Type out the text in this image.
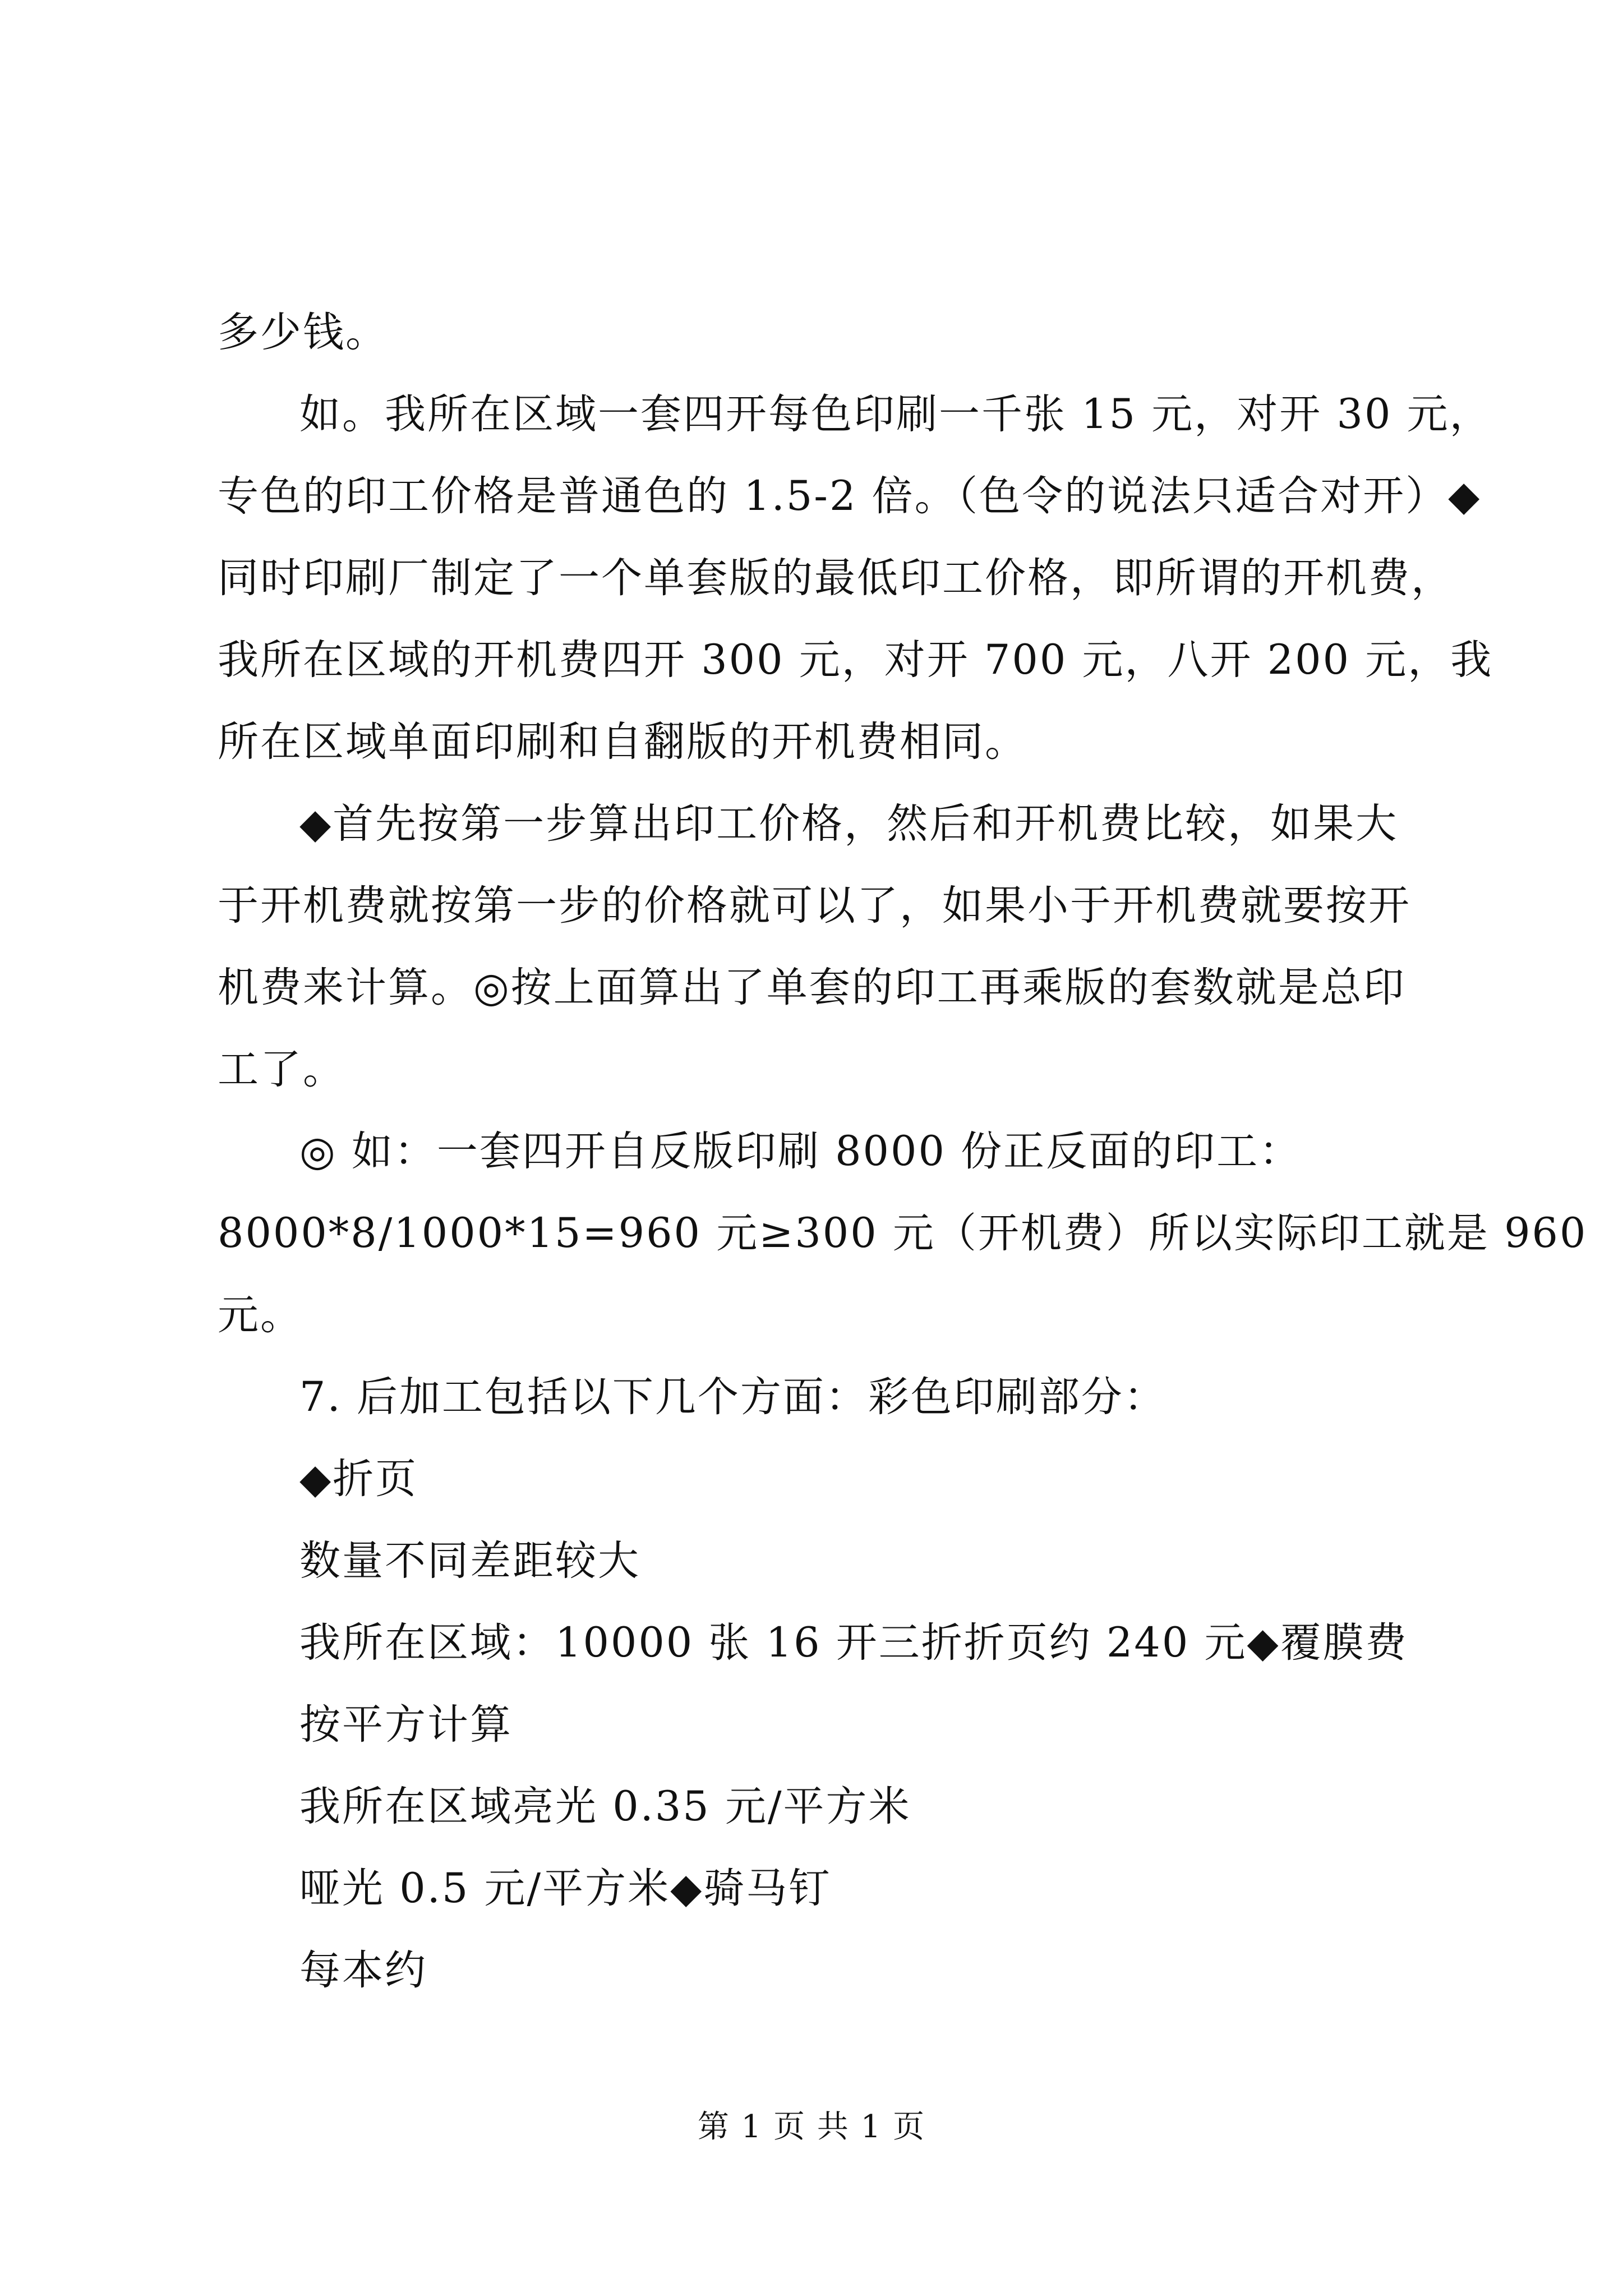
多少钱。
如。我所在区域一套四开每色印刷一千张 15 元，对开 30 元，
专色的印工价格是普通色的 1.5-2 倍。（色令的说法只适合对开）◆
同时印刷厂制定了一个单套版的最低印工价格，即所谓的开机费，
我所在区域的开机费四开 300 元，对开 700 元，八开 200 元，我
所在区域单面印刷和自翻版的开机费相同。
◆首先按第一步算出印工价格，然后和开机费比较，如果大
于开机费就按第一步的价格就可以了，如果小于开机费就要按开
机费来计算。◎按上面算出了单套的印工再乘版的套数就是总印
工了。
◎ 如：一套四开自反版印刷 8000 份正反面的印工：
8000*8/1000*15=960 元≥300 元（开机费）所以实际印工就是 960
元。
7. 后加工包括以下几个方面：彩色印刷部分：
◆折页
数量不同差距较大
我所在区域：10000 张 16 开三折折页约 240 元◆覆膜费
按平方计算
我所在区域亮光 0.35 元/平方米
哑光 0.5 元/平方米◆骑马钉
每本约
第 1 页 共 1 页
